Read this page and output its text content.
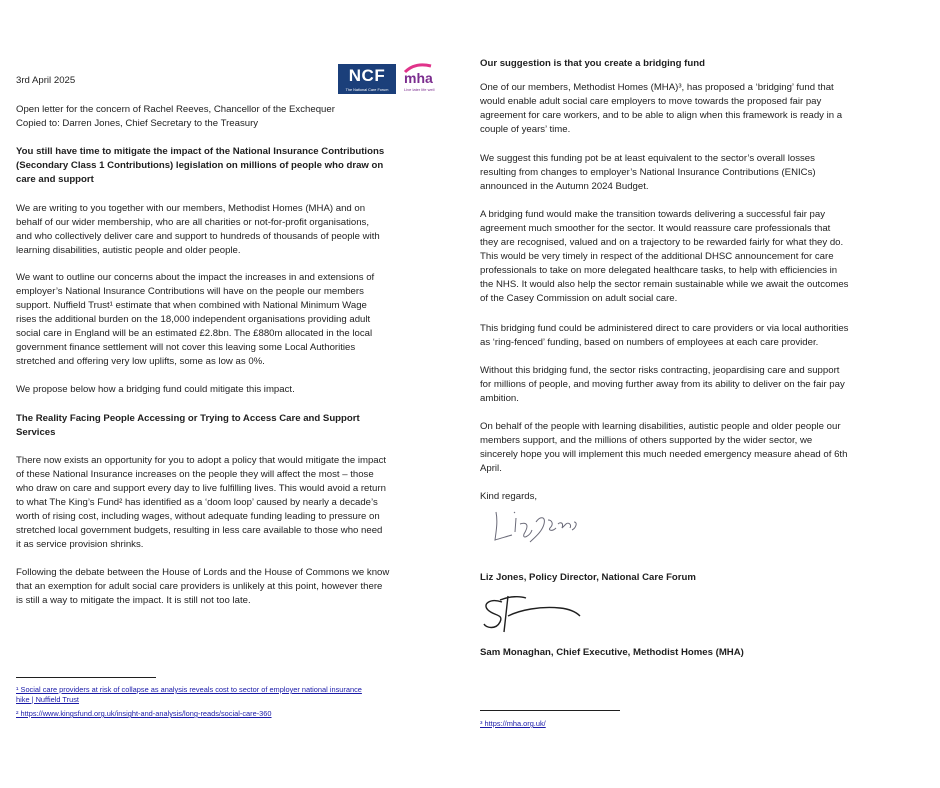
NCF
The National Care Forum
mha
Live later life well

3rd April 2025

Open letter for the concern of Rachel Reeves, Chancellor of the Exchequer

Copied to: Darren Jones, Chief Secretary to the Treasury

You still have time to mitigate the impact of the National Insurance Contributions

(Secondary Class 1 Contributions) legislation on millions of people who draw on

care and support

We are writing to you together with our members, Methodist Homes (MHA) and on

behalf of our wider membership, who are all charities or not-for-profit organisations,

and who collectively deliver care and support to hundreds of thousands of people with

learning disabilities, autistic people and older people.

We want to outline our concerns about the impact the increases in and extensions of

employer’s National Insurance Contributions will have on the people our members

support. Nuffield Trust¹ estimate that when combined with National Minimum Wage

rises the additional burden on the 18,000 independent organisations providing adult

social care in England will be an estimated £2.8bn. The £880m allocated in the local

government finance settlement will not cover this leaving some Local Authorities

stretched and offering very low uplifts, some as low as 0%.

We propose below how a bridging fund could mitigate this impact.

The Reality Facing People Accessing or Trying to Access Care and Support

Services

There now exists an opportunity for you to adopt a policy that would mitigate the impact

of these National Insurance increases on the people they will affect the most – those

who draw on care and support every day to live fulfilling lives. This would avoid a return

to what The King’s Fund² has identified as a ‘doom loop’ caused by nearly a decade’s

worth of rising cost, including wages, without adequate funding leading to pressure on

stretched local government budgets, resulting in less care available to those who need

it as service provision shrinks.

Following the debate between the House of Lords and the House of Commons we know

that an exemption for adult social care providers is unlikely at this point, however there

is still a way to mitigate the impact. It is still not too late.

¹ Social care providers at risk of collapse as analysis reveals cost to sector of employer national insurance

hike | Nuffield Trust

² https://www.kingsfund.org.uk/insight-and-analysis/long-reads/social-care-360

Our suggestion is that you create a bridging fund

One of our members, Methodist Homes (MHA)³, has proposed a ‘bridging’ fund that

would enable adult social care employers to move towards the proposed fair pay

agreement for care workers, and to be able to align when this framework is ready in a

couple of years’ time.

We suggest this funding pot be at least equivalent to the sector’s overall losses

resulting from changes to employer’s National Insurance Contributions (ENICs)

announced in the Autumn 2024 Budget.

A bridging fund would make the transition towards delivering a successful fair pay

agreement much smoother for the sector. It would reassure care professionals that

they are recognised, valued and on a trajectory to be rewarded fairly for what they do.

This would be very timely in respect of the additional DHSC announcement for care

professionals to take on more delegated healthcare tasks, to help with efficiencies in

the NHS. It would also help the sector remain sustainable while we await the outcomes

of the Casey Commission on adult social care.

This bridging fund could be administered direct to care providers or via local authorities

as ‘ring-fenced’ funding, based on numbers of employees at each care provider.

Without this bridging fund, the sector risks contracting, jeopardising care and support

for millions of people, and moving further away from its ability to deliver on the fair pay

ambition.

On behalf of the people with learning disabilities, autistic people and older people our

members support, and the millions of others supported by the wider sector, we

sincerely hope you will implement this much needed emergency measure ahead of 6th

April.

Kind regards,

Liz Jones, Policy Director, National Care Forum

Sam Monaghan, Chief Executive, Methodist Homes (MHA)

³ https://mha.org.uk/
